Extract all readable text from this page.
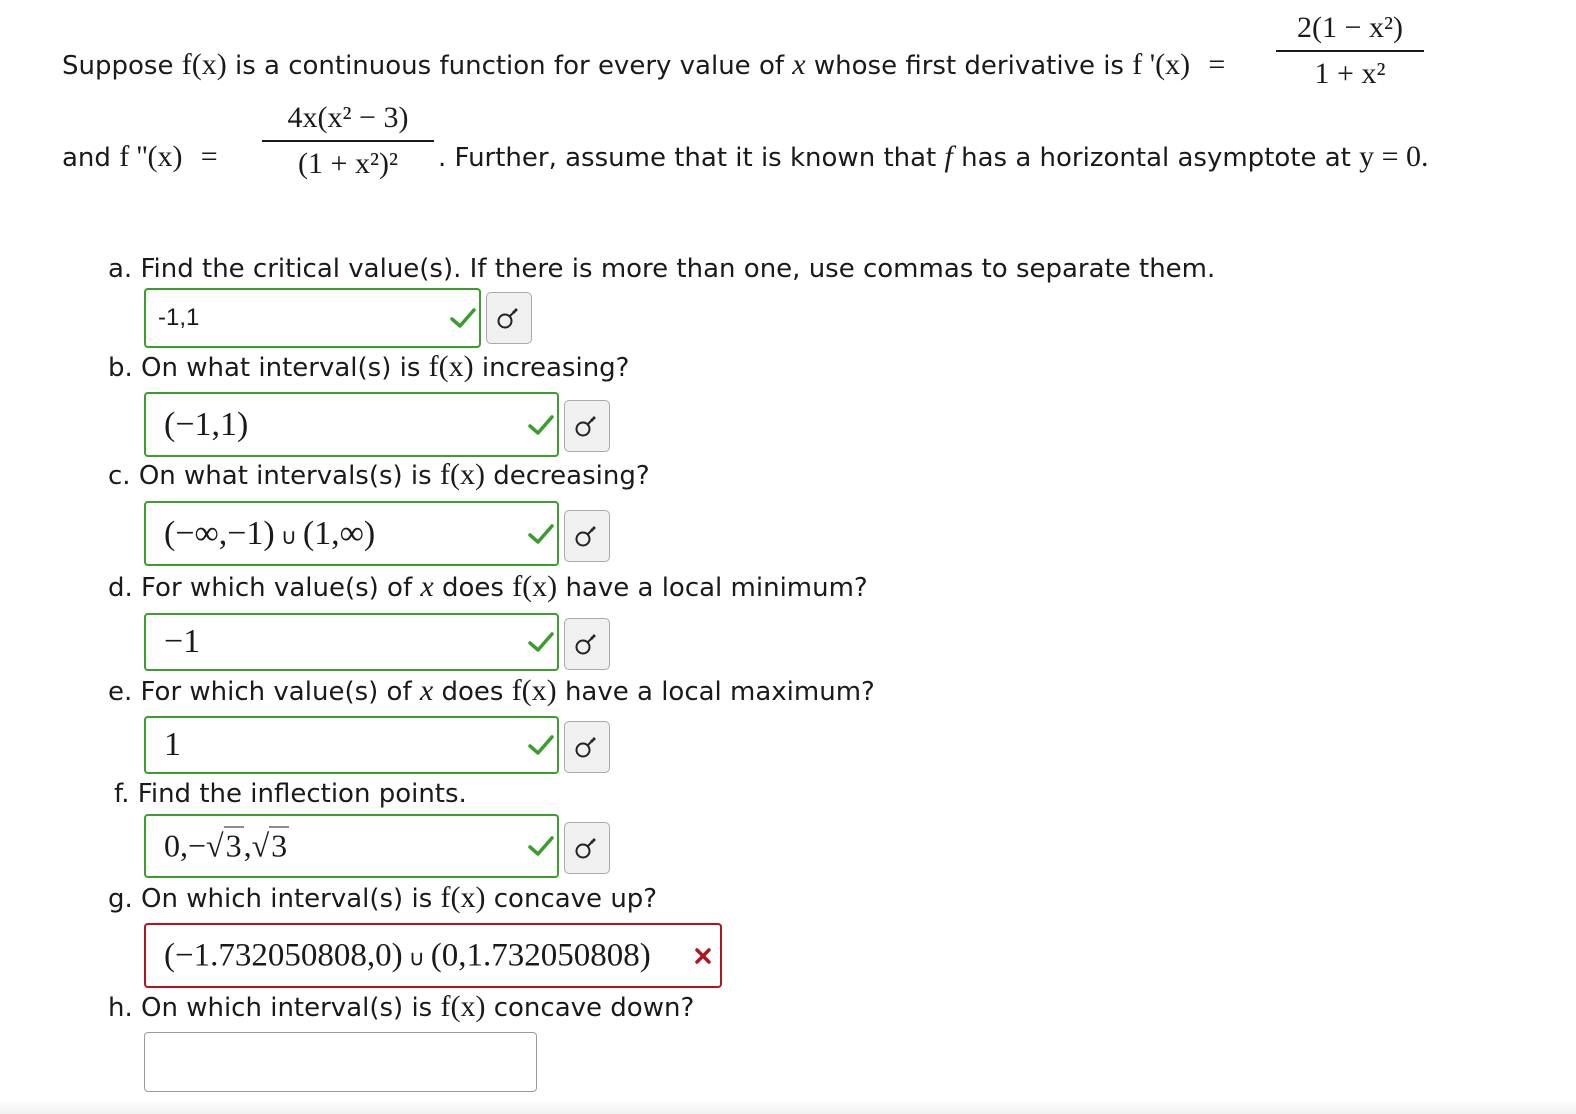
Suppose f(x) is a continuous function for every value of x whose first derivative is f '(x) =
2(1 − x²)
1 + x²
and f ''(x) =
4x(x² − 3)
(1 + x²)² . Further, assume that it is known that f has a horizontal asymptote at y = 0.
a. Find the critical value(s). If there is more than one, use commas to separate them.
-1,1
b. On what interval(s) is f(x) increasing?
(−1,1)
c. On what intervals(s) is f(x) decreasing?
(−∞,−1) ∪ (1,∞)
d. For which value(s) of x does f(x) have a local minimum?
−1
e. For which value(s) of x does f(x) have a local maximum?
1
f. Find the inflection points.
0,−√3,√3
g. On which interval(s) is f(x) concave up?
(−1.732050808,0) ∪ (0,1.732050808)
h. On which interval(s) is f(x) concave down?
